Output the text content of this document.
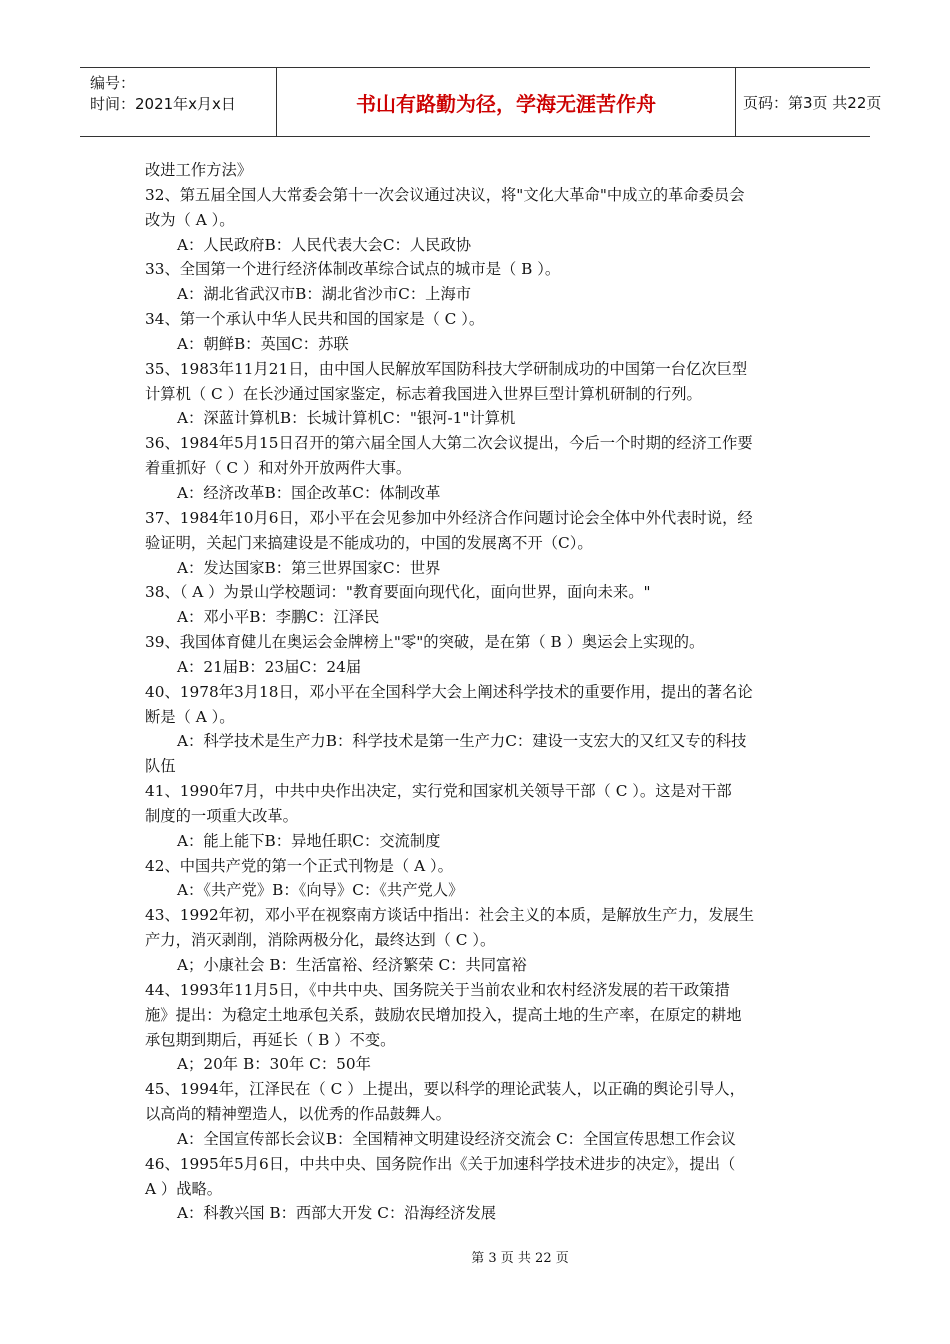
编号：
时间：2021年x月x日	书山有路勤为径，学海无涯苦作舟	页码：第3页 共22页
改进工作方法》
32、第五届全国人大常委会第十一次会议通过决议，将"文化大革命"中成立的革命委员会
改为（ A ）。
A：人民政府B：人民代表大会C：人民政协
33、全国第一个进行经济体制改革综合试点的城市是（ B ）。
A：湖北省武汉市B：湖北省沙市C：上海市
34、第一个承认中华人民共和国的国家是（ C ）。
A：朝鲜B：英国C：苏联
35、1983年11月21日，由中国人民解放军国防科技大学研制成功的中国第一台亿次巨型
计算机（ C ）在长沙通过国家鉴定，标志着我国进入世界巨型计算机研制的行列。
A：深蓝计算机B：长城计算机C："银河-1"计算机
36、1984年5月15日召开的第六届全国人大第二次会议提出，今后一个时期的经济工作要
着重抓好（ C ）和对外开放两件大事。
A：经济改革B：国企改革C：体制改革
37、1984年10月6日，邓小平在会见参加中外经济合作问题讨论会全体中外代表时说，经
验证明，关起门来搞建设是不能成功的，中国的发展离不开（C）。
A：发达国家B：第三世界国家C：世界
38、（ A ）为景山学校题词："教育要面向现代化，面向世界，面向未来。"
A：邓小平B：李鹏C：江泽民
39、我国体育健儿在奥运会金牌榜上"零"的突破，是在第（ B ）奥运会上实现的。
A：21届B：23届C：24届
40、1978年3月18日，邓小平在全国科学大会上阐述科学技术的重要作用，提出的著名论
断是（ A ）。
A：科学技术是生产力B：科学技术是第一生产力C：建设一支宏大的又红又专的科技
队伍
41、1990年7月，中共中央作出决定，实行党和国家机关领导干部（ C ）。这是对干部
制度的一项重大改革。
A：能上能下B：异地任职C：交流制度
42、中国共产党的第一个正式刊物是（ A ）。
A：《共产党》B：《向导》C：《共产党人》
43、1992年初，邓小平在视察南方谈话中指出：社会主义的本质，是解放生产力，发展生
产力，消灭剥削，消除两极分化，最终达到（ C ）。
A；小康社会 B：生活富裕、经济繁荣 C：共同富裕
44、1993年11月5日，《中共中央、国务院关于当前农业和农村经济发展的若干政策措
施》提出：为稳定土地承包关系，鼓励农民增加投入，提高土地的生产率，在原定的耕地
承包期到期后，再延长（ B ）不变。
A；20年 B：30年 C：50年
45、1994年，江泽民在（ C ）上提出，要以科学的理论武装人，以正确的舆论引导人，
以高尚的精神塑造人，以优秀的作品鼓舞人。
A：全国宣传部长会议B：全国精神文明建设经济交流会 C：全国宣传思想工作会议
46、1995年5月6日，中共中央、国务院作出《关于加速科学技术进步的决定》，提出（
A ）战略。
A：科教兴国 B：西部大开发 C：沿海经济发展
第 3 页 共 22 页
